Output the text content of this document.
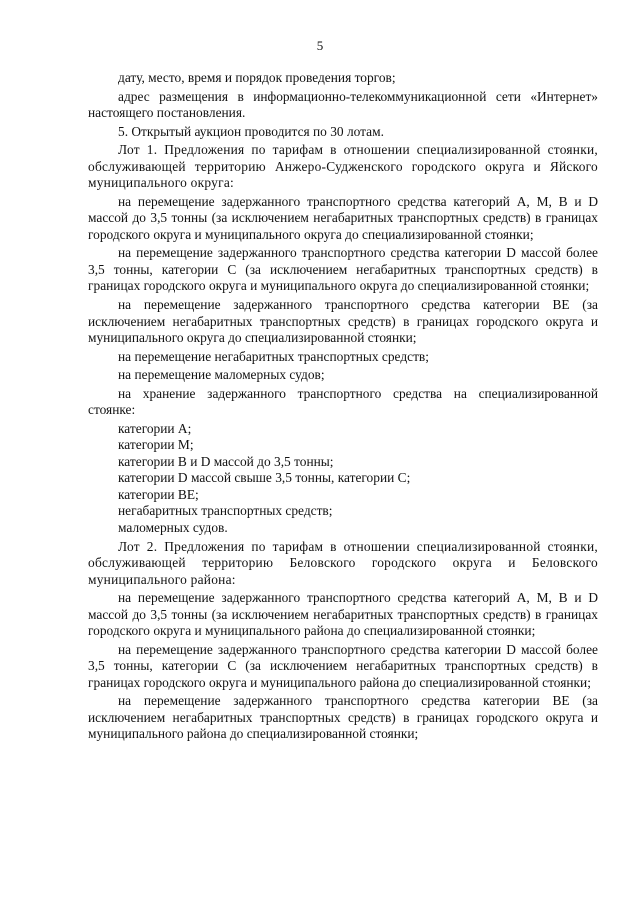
5

дату, место, время и порядок проведения торгов;

адрес размещения в информационно-телекоммуникационной сети «Интернет» настоящего постановления.

5. Открытый аукцион проводится по 30 лотам.

Лот 1. Предложения по тарифам в отношении специализированной стоянки, обслуживающей территорию Анжеро-Судженского городского округа и Яйского муниципального округа:

на перемещение задержанного транспортного средства категорий A, M, B и D массой до 3,5 тонны (за исключением негабаритных транспортных средств) в границах городского округа и муниципального округа до специализированной стоянки;

на перемещение задержанного транспортного средства категории D массой более 3,5 тонны, категории C (за исключением негабаритных транспортных средств) в границах городского округа и муниципального округа до специализированной стоянки;

на перемещение задержанного транспортного средства категории BE (за исключением негабаритных транспортных средств) в границах городского округа и муниципального округа до специализированной стоянки;

на перемещение негабаритных транспортных средств;

на перемещение маломерных судов;

на хранение задержанного транспортного средства на специализированной стоянке:

категории A;
категории M;
категории B и D массой до 3,5 тонны;
категории D массой свыше 3,5 тонны, категории C;
категории BE;
негабаритных транспортных средств;
маломерных судов.

Лот 2. Предложения по тарифам в отношении специализированной стоянки, обслуживающей территорию Беловского городского округа и Беловского муниципального района:

на перемещение задержанного транспортного средства категорий A, M, B и D массой до 3,5 тонны (за исключением негабаритных транспортных средств) в границах городского округа и муниципального района до специализированной стоянки;

на перемещение задержанного транспортного средства категории D массой более 3,5 тонны, категории C (за исключением негабаритных транспортных средств) в границах городского округа и муниципального района до специализированной стоянки;

на перемещение задержанного транспортного средства категории BE (за исключением негабаритных транспортных средств) в границах городского округа и муниципального района до специализированной стоянки;
